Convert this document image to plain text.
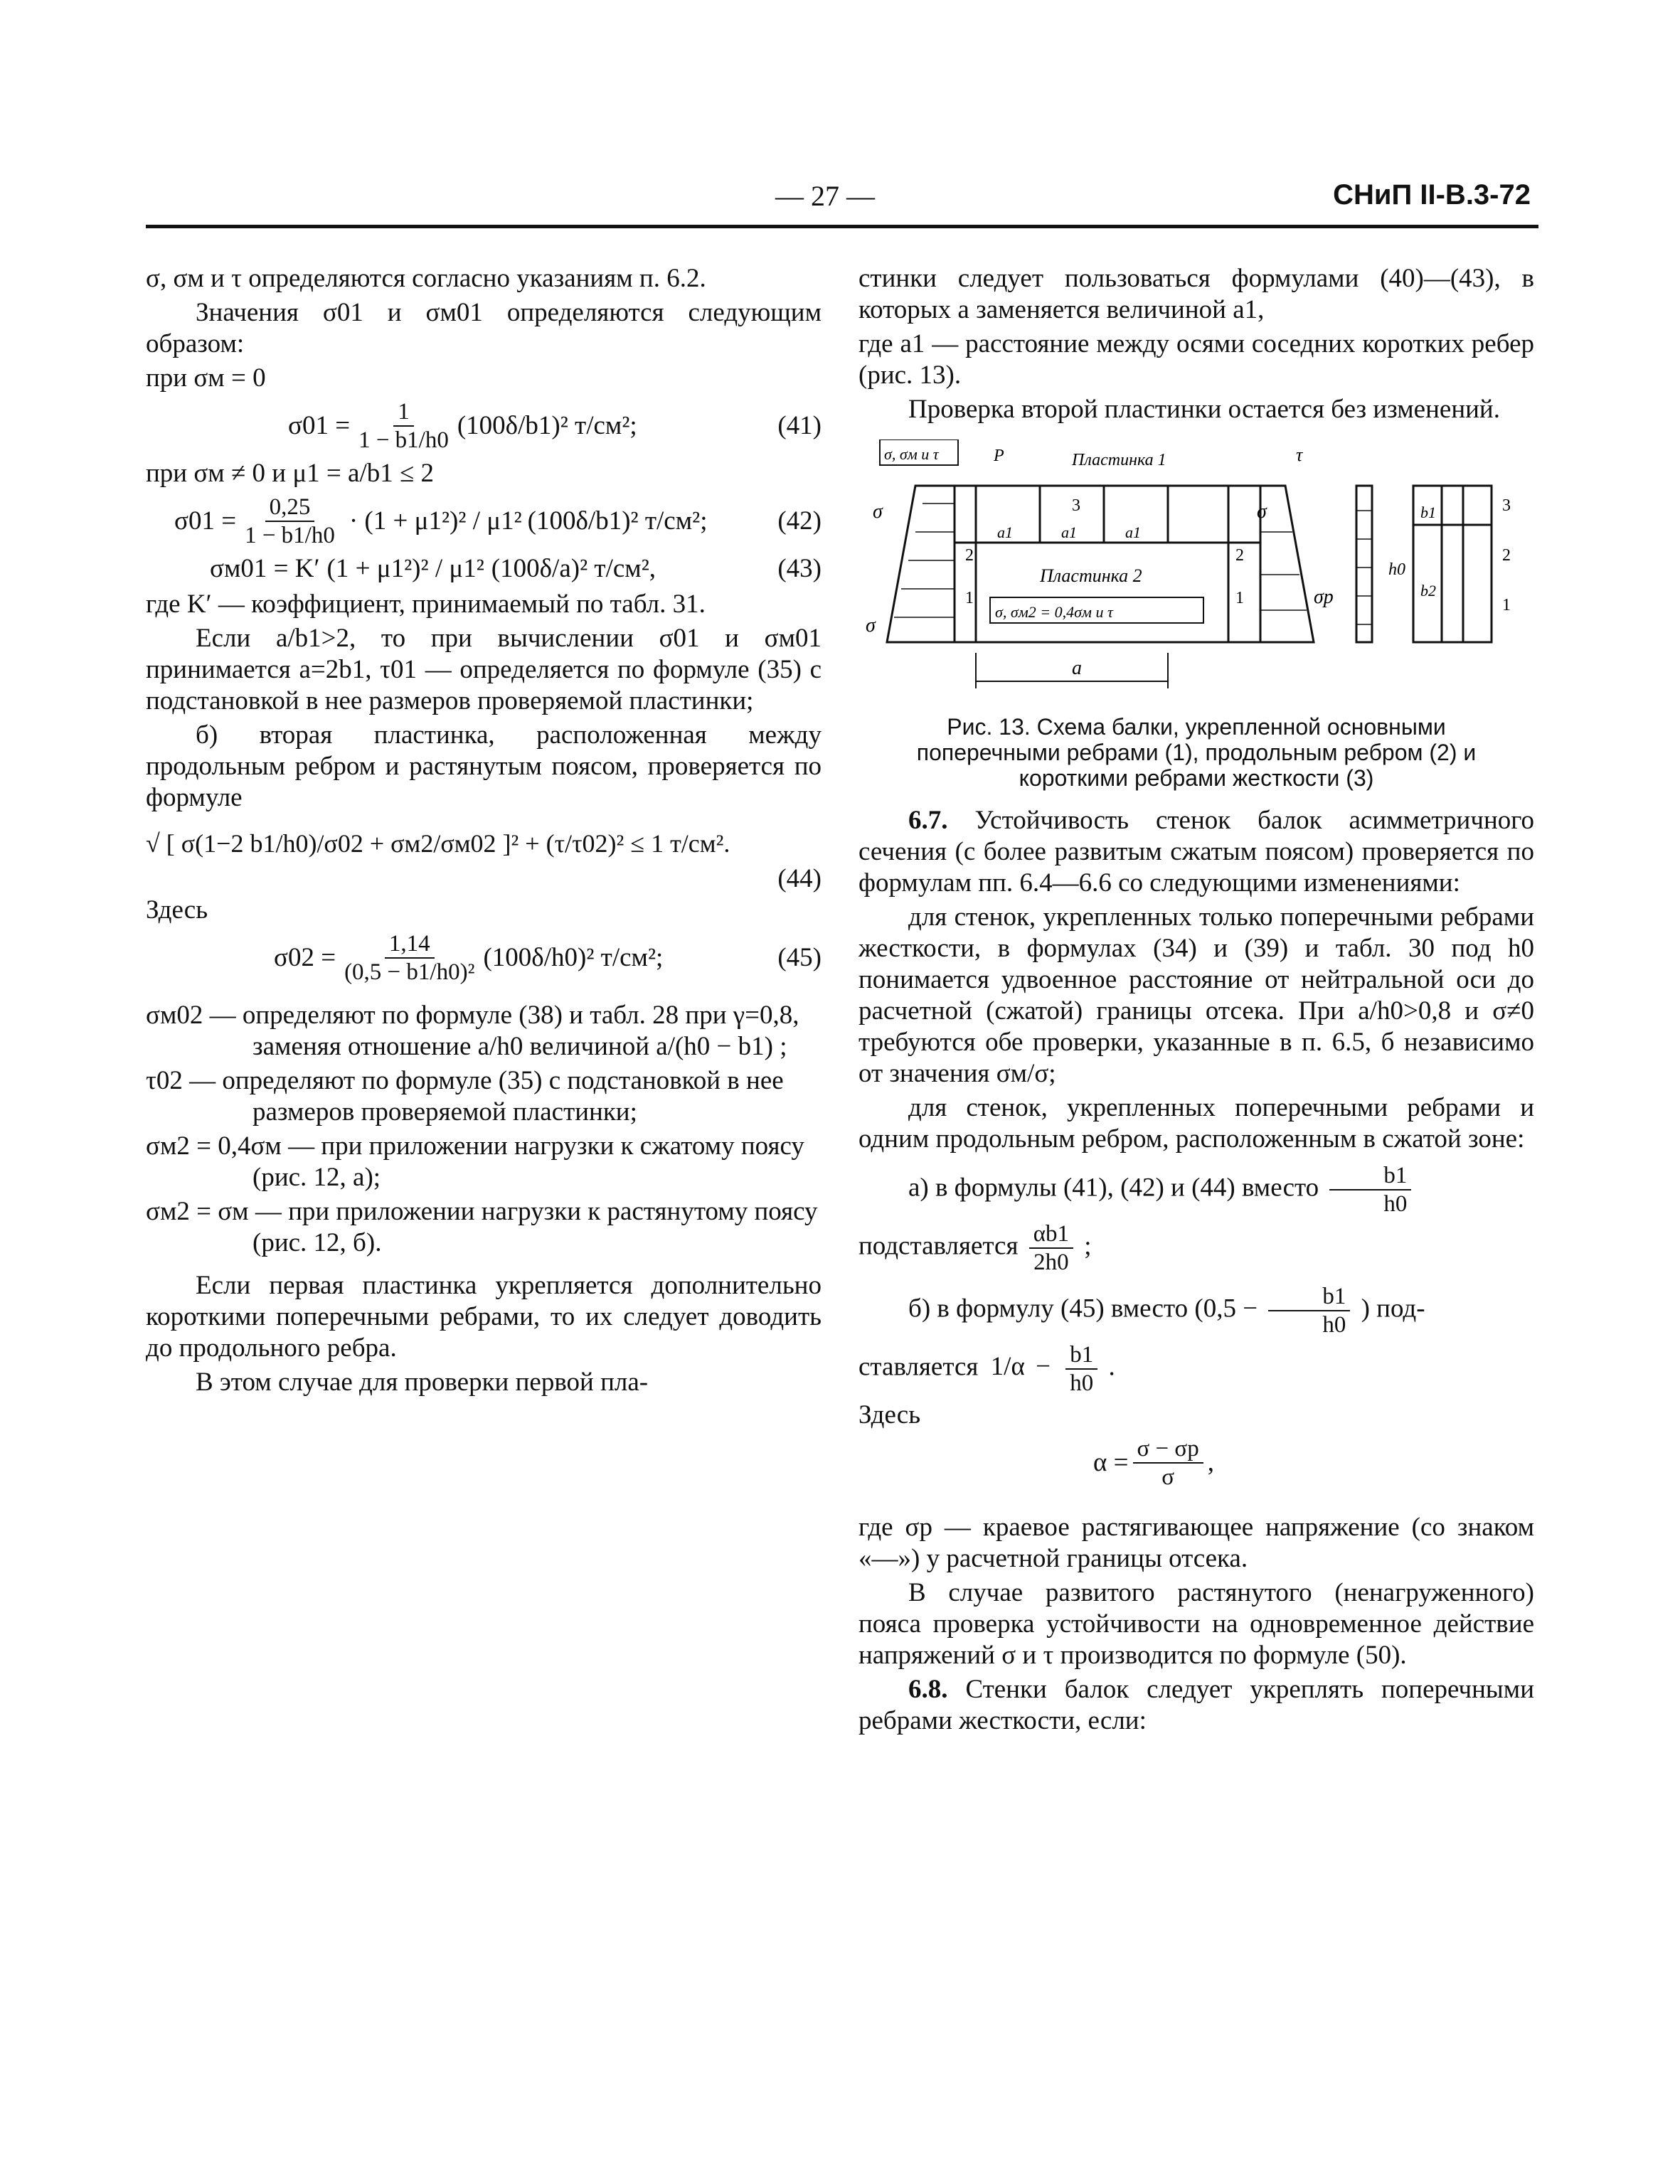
— 27 —	СНиП II-В.3-72

σ, σм и τ определяются согласно указаниям п. 6.2.

Значения σ01 и σм01 определяются следующим образом:

при σм = 0

$\sigma 01 = \frac{1}{1 - b1/h0} (100\delta/b1)^2$ т/см²;	(41)

при σм ≠ 0 и μ1 = a/b1 ≤ 2

$\sigma 01 = \frac{0,25}{1 - b1/h0} \cdot (1 + \mu 1^2)^2 / \mu 1^2$ (100δ/b1)² т/см²;	(42)
σм01 = K′ (1 + μ1²)² / μ1² (100δ/a)² т/см²,	(43)

где K′ — коэффициент, принимаемый по табл. 31.

Если a/b1>2, то при вычислении σ01 и σм01 принимается a=2b1, τ01 — определяется по формуле (35) с подстановкой в нее размеров проверяемой пластинки;

б) вторая пластинка, расположенная между продольным ребром и растянутым поясом, проверяется по формуле

√ [ σ(1−2 b1/h0)/σ02 + σм2/σм02 ]² + (τ/τ02)² ≤ 1 т/см².
(44)

Здесь

$\sigma 02 = \frac{1,14}{\text{(0,5 − b1/h0)²}} (100\delta/h0)^2$ т/см²;	(45)

σм02 — определяют по формуле (38) и табл. 28 при γ=0,8, заменяя отношение a/h0 величиной a/(h0 − b1) ;

τ02 — определяют по формуле (35) с подстановкой в нее размеров проверяемой пластинки;

σм2 = 0,4σм — при приложении нагрузки к сжатому поясу (рис. 12, а);

σм2 = σм — при приложении нагрузки к растянутому поясу (рис. 12, б).

Если первая пластинка укрепляется дополнительно короткими поперечными ребрами, то их следует доводить до продольного ребра.

В этом случае для проверки первой пла-

стинки следует пользоваться формулами (40)—(43), в которых a заменяется величиной a1,

где a1 — расстояние между осями соседних коротких ребер (рис. 13).

Проверка второй пластинки остается без изменений.

a
σ, σм и τ	P	Пластинка 1	τ
Пластинка 2
σ, σм2 = 0,4σм и τ
σ
σ
σ
σр
h0
b1
b2
a1	a1	a1
1
2
3
1
2
3
2
1
Рис. 13. Схема балки, укрепленной основными поперечными ребрами (1), продольным ребром (2) и короткими ребрами жесткости (3)

6.7. Устойчивость стенок балок асимметричного сечения (с более развитым сжатым поясом) проверяется по формулам пп. 6.4—6.6 со следующими изменениями:

для стенок, укрепленных только поперечными ребрами жесткости, в формулах (34) и (39) и табл. 30 под h0 понимается удвоенное расстояние от нейтральной оси до расчетной (сжатой) границы отсека. При a/h0>0,8 и σ≠0 требуются обе проверки, указанные в п. 6.5, б независимо от значения σм/σ;

для стенок, укрепленных поперечными ребрами и одним продольным ребром, расположенным в сжатой зоне:

а) в формулы (41), (42) и (44) вместо $\frac{b1}{h0}$

подставляется $\frac{\alpha b1}{2h0}$ ;

б) в формулу (45) вместо ($0,5 - \frac{b1}{h0}$ ) под-

ставляется $1/\alpha - \frac{b1}{h0}$ .

Здесь

$\alpha = \frac{\sigma - \sigma р}{\sigma}$ ,

где σр — краевое растягивающее напряжение (со знаком «—») у расчетной границы отсека.

В случае развитого растянутого (ненагруженного) пояса проверка устойчивости на одновременное действие напряжений σ и τ производится по формуле (50).

6.8. Стенки балок следует укреплять поперечными ребрами жесткости, если:
